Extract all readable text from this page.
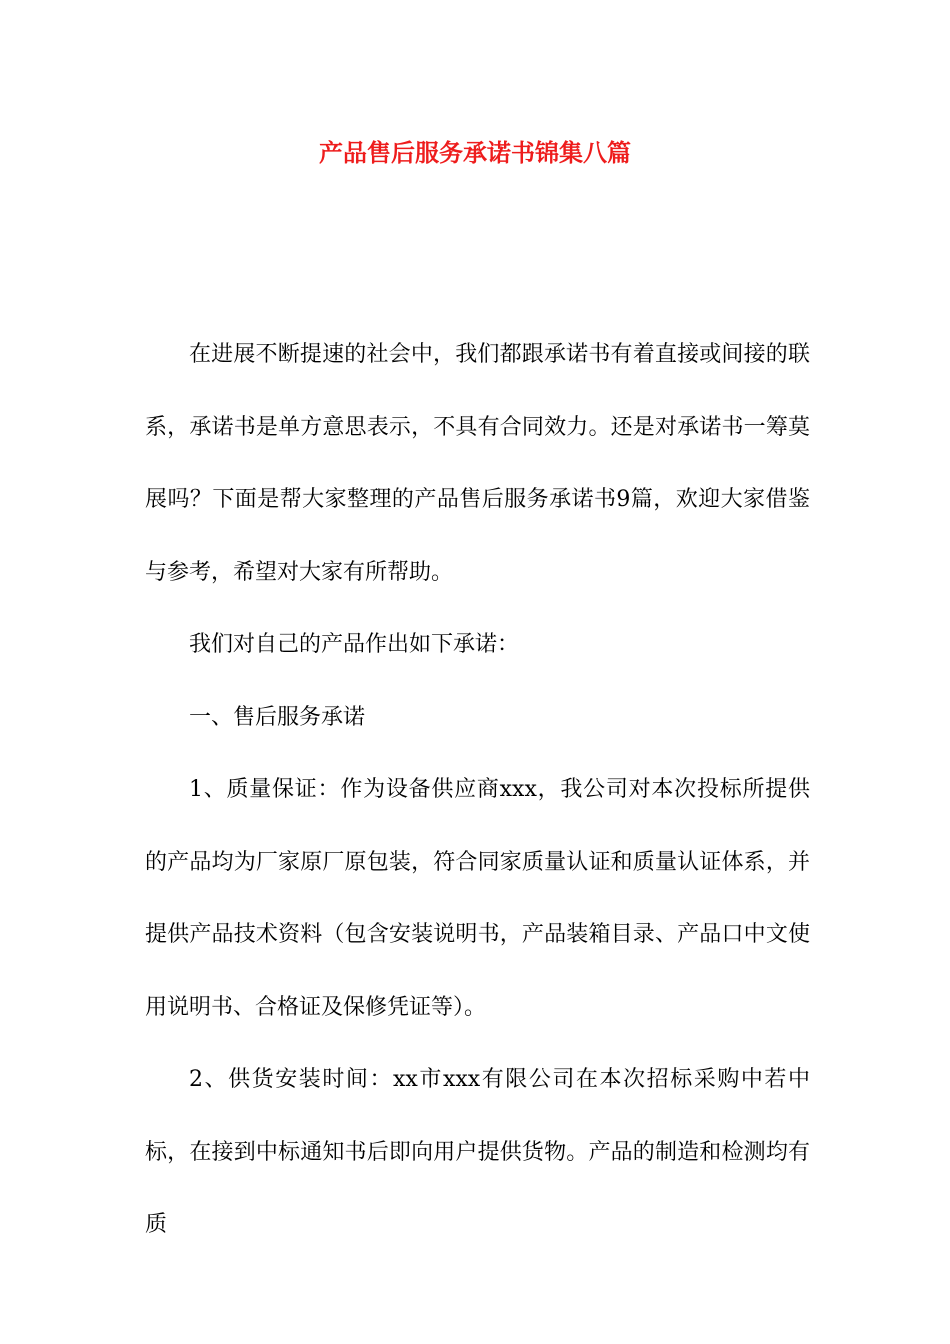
产品售后服务承诺书锦集八篇

在进展不断提速的社会中，我们都跟承诺书有着直接或间接的联系，承诺书是单方意思表示，不具有合同效力。还是对承诺书一筹莫展吗？下面是帮大家整理的产品售后服务承诺书9篇，欢迎大家借鉴与参考，希望对大家有所帮助。

我们对自己的产品作出如下承诺：

一、售后服务承诺

1、质量保证：作为设备供应商xxx，我公司对本次投标所提供的产品均为厂家原厂原包装，符合同家质量认证和质量认证体系，并提供产品技术资料（包含安装说明书，产品装箱目录、产品口中文使用说明书、合格证及保修凭证等）。

2、供货安装时间：xx市xxx有限公司在本次招标采购中若中标，在接到中标通知书后即向用户提供货物。产品的制造和检测均有质
